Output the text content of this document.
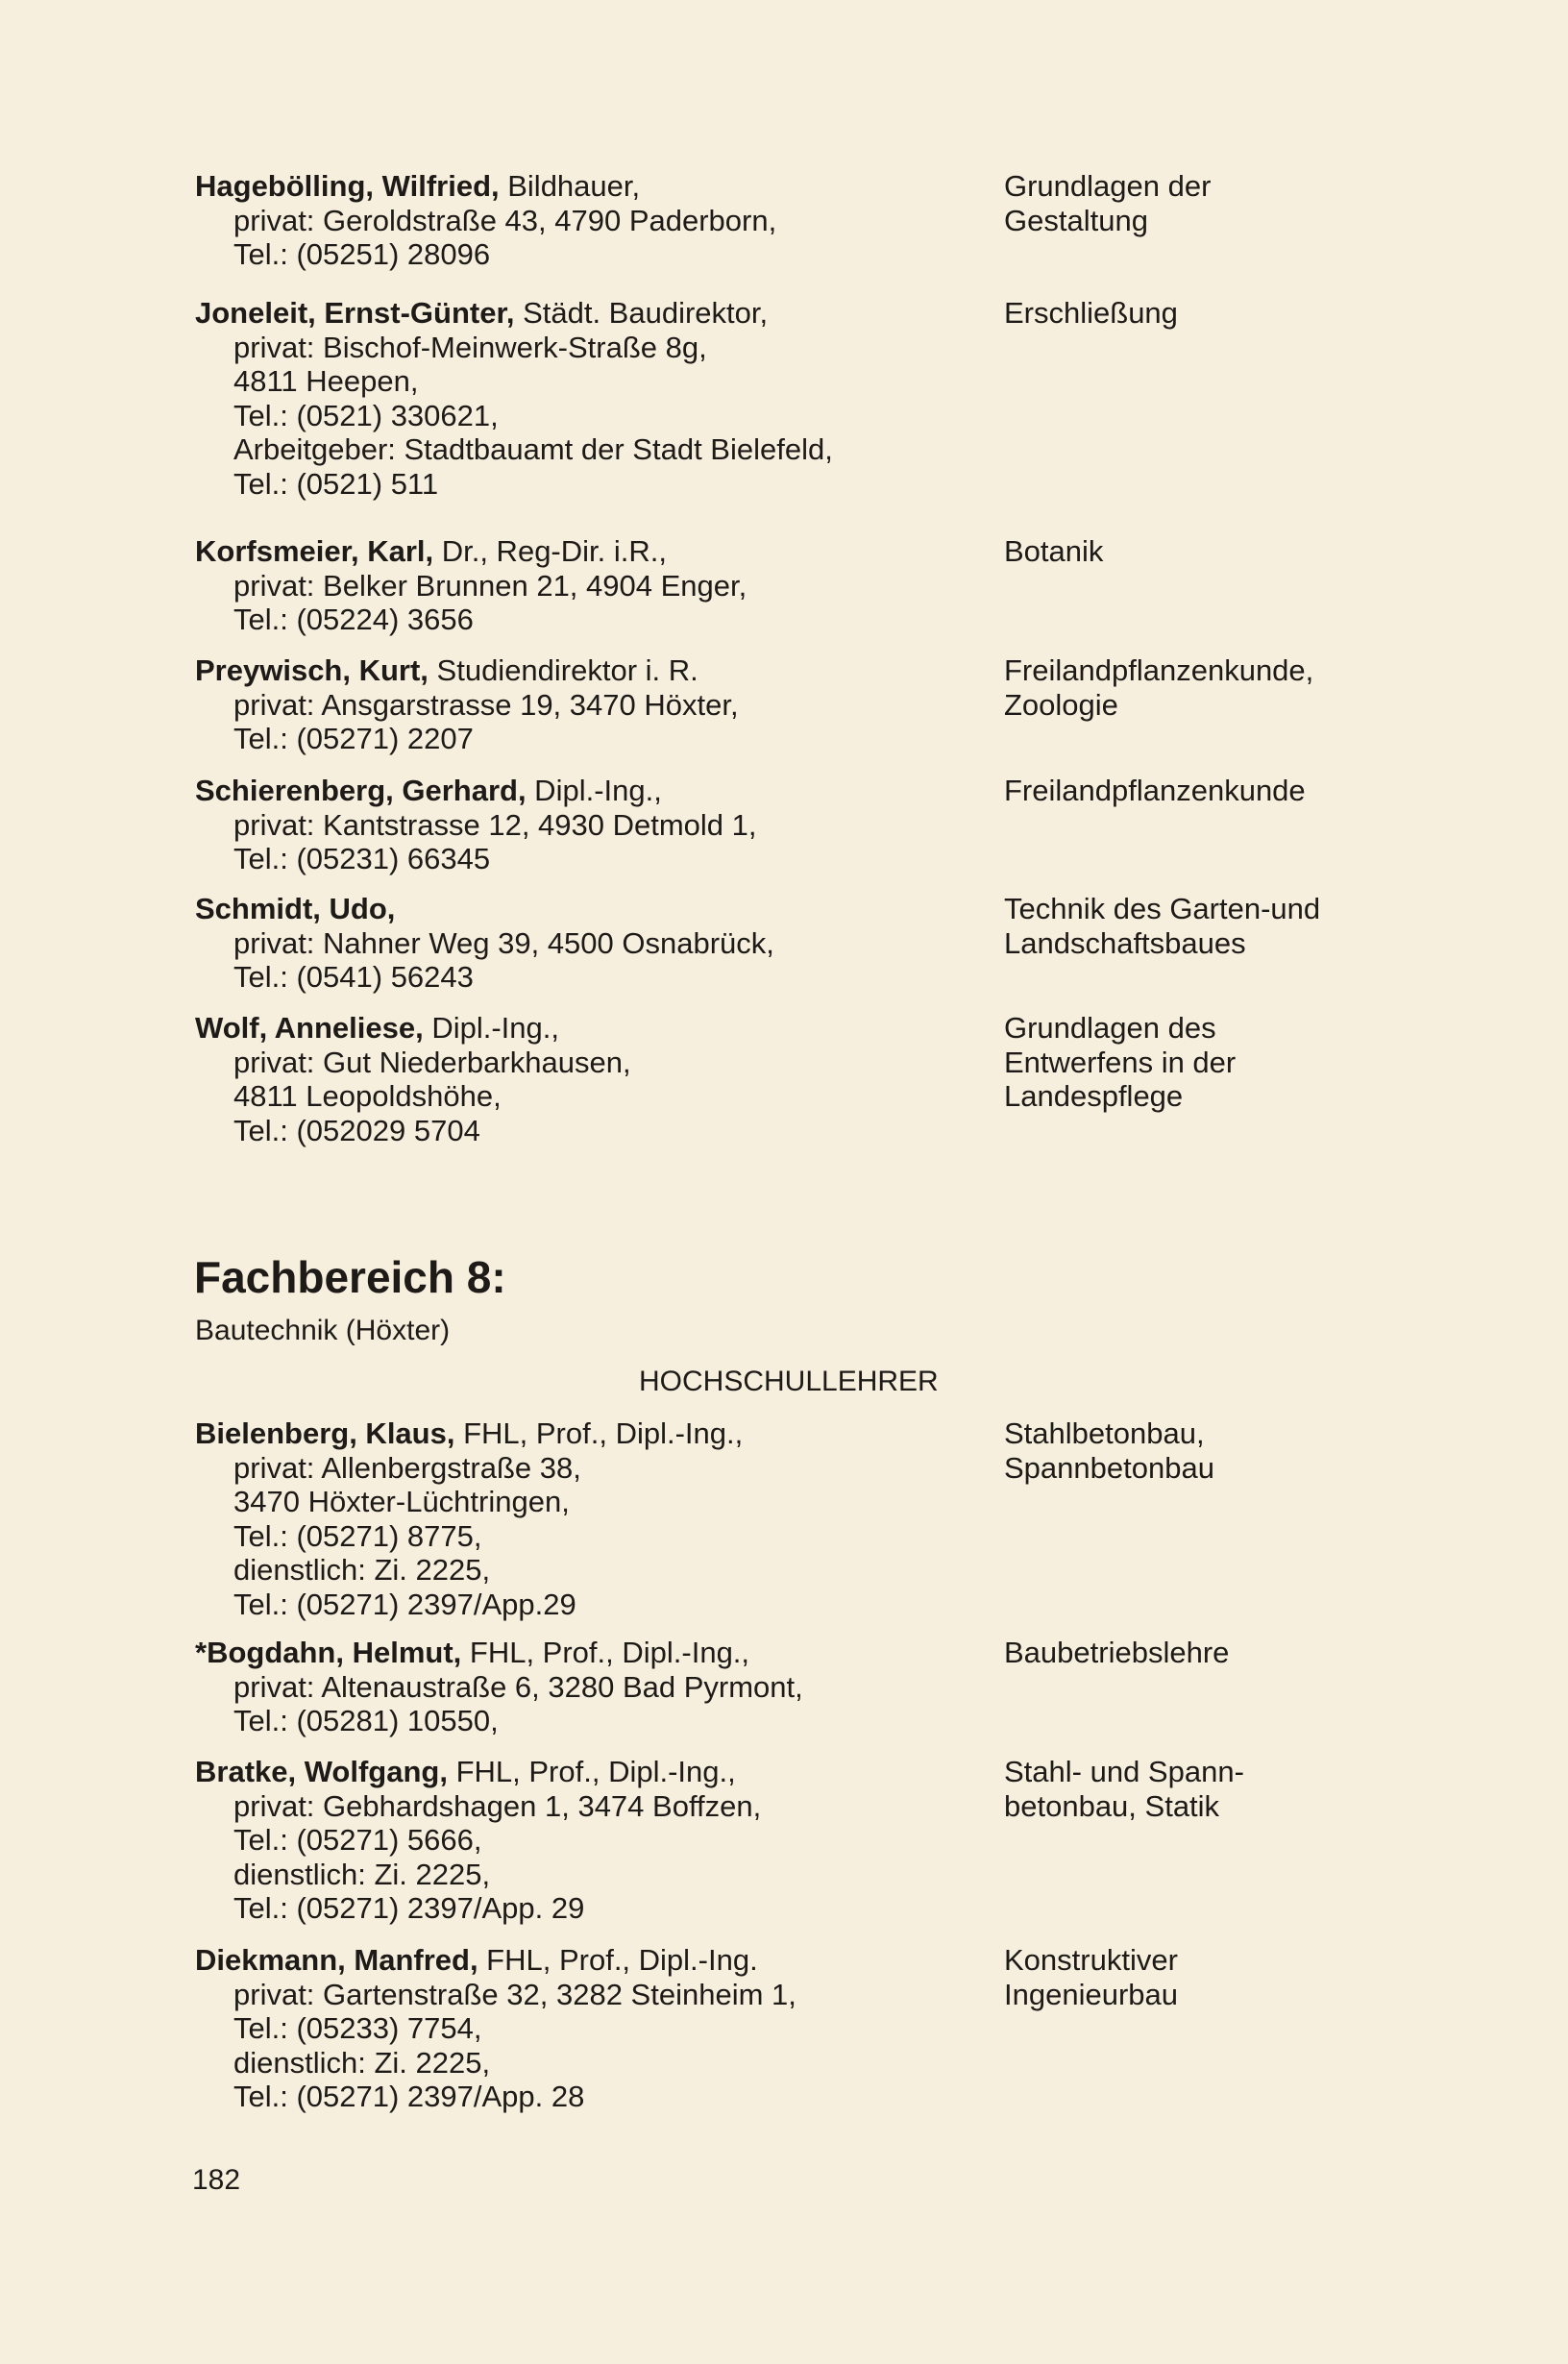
Hagebölling, Wilfried, Bildhauer,
privat: Geroldstraße 43, 4790 Paderborn,
Tel.: (05251) 28096
Grundlagen der
Gestaltung
Joneleit, Ernst-Günter, Städt. Baudirektor,
privat: Bischof-Meinwerk-Straße 8g,
4811 Heepen,
Tel.: (0521) 330621,
Arbeitgeber: Stadtbauamt der Stadt Bielefeld,
Tel.: (0521) 511
Erschließung
Korfsmeier, Karl, Dr., Reg-Dir. i.R.,
privat: Belker Brunnen 21, 4904 Enger,
Tel.: (05224) 3656
Botanik
Preywisch, Kurt, Studiendirektor i. R.
privat: Ansgarstrasse 19, 3470 Höxter,
Tel.: (05271) 2207
Freilandpflanzenkunde,
Zoologie
Schierenberg, Gerhard, Dipl.-Ing.,
privat: Kantstrasse 12, 4930 Detmold 1,
Tel.: (05231) 66345
Freilandpflanzenkunde
Schmidt, Udo,
privat: Nahner Weg 39, 4500 Osnabrück,
Tel.: (0541) 56243
Technik des Garten-und
Landschaftsbaues
Wolf, Anneliese, Dipl.-Ing.,
privat: Gut Niederbarkhausen,
4811 Leopoldshöhe,
Tel.: (052029 5704
Grundlagen des
Entwerfens in der
Landespflege
Fachbereich 8:
Bautechnik (Höxter)
HOCHSCHULLEHRER
Bielenberg, Klaus, FHL, Prof., Dipl.-Ing.,
privat: Allenbergstraße 38,
3470 Höxter-Lüchtringen,
Tel.: (05271) 8775,
dienstlich: Zi. 2225,
Tel.: (05271) 2397/App.29
Stahlbetonbau,
Spannbetonbau
*Bogdahn, Helmut, FHL, Prof., Dipl.-Ing.,
privat: Altenaustraße 6, 3280 Bad Pyrmont,
Tel.: (05281) 10550,
Baubetriebslehre
Bratke, Wolfgang, FHL, Prof., Dipl.-Ing.,
privat: Gebhardshagen 1, 3474 Boffzen,
Tel.: (05271) 5666,
dienstlich: Zi. 2225,
Tel.: (05271) 2397/App. 29
Stahl- und Spann-
betonbau, Statik
Diekmann, Manfred, FHL, Prof., Dipl.-Ing.
privat: Gartenstraße 32, 3282 Steinheim 1,
Tel.: (05233) 7754,
dienstlich: Zi. 2225,
Tel.: (05271) 2397/App. 28
Konstruktiver
Ingenieurbau
182
